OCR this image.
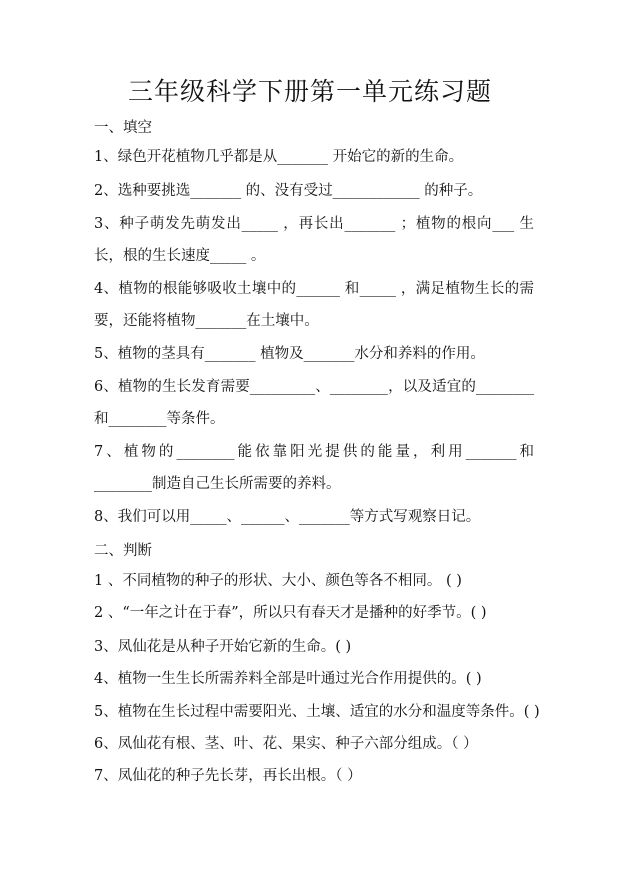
三年级科学下册第一单元练习题
一、填空
1、绿色开花植物几乎都是从_______ 开始它的新的生命。
2、选种要挑选_______ 的、没有受过____________ 的种子。
3、种子萌发先萌发出_____ ，再长出_______ ；植物的根向___ 生
长，根的生长速度_____ 。
4、植物的根能够吸收土壤中的______ 和_____ ，满足植物生长的需
要，还能将植物_______在土壤中。
5、植物的茎具有_______ 植物及_______水分和养料的作用。
6、植物的生长发育需要_________、________，以及适宜的________
和________等条件。
7、植物的________能依靠阳光提供的能量，利用_______和
________制造自己生长所需要的养料。
8、我们可以用_____、______、_______等方式写观察日记。
二、判断
1 、不同植物的种子的形状、大小、颜色等各不相同。 ( )
2 、“一年之计在于春”，所以只有春天才是播种的好季节。( )
3、凤仙花是从种子开始它新的生命。( )
4、植物一生生长所需养料全部是叶通过光合作用提供的。( )
5、植物在生长过程中需要阳光、土壤、适宜的水分和温度等条件。( )
6、凤仙花有根、茎、叶、花、果实、种子六部分组成。（ ）
7、凤仙花的种子先长芽，再长出根。（ ）
